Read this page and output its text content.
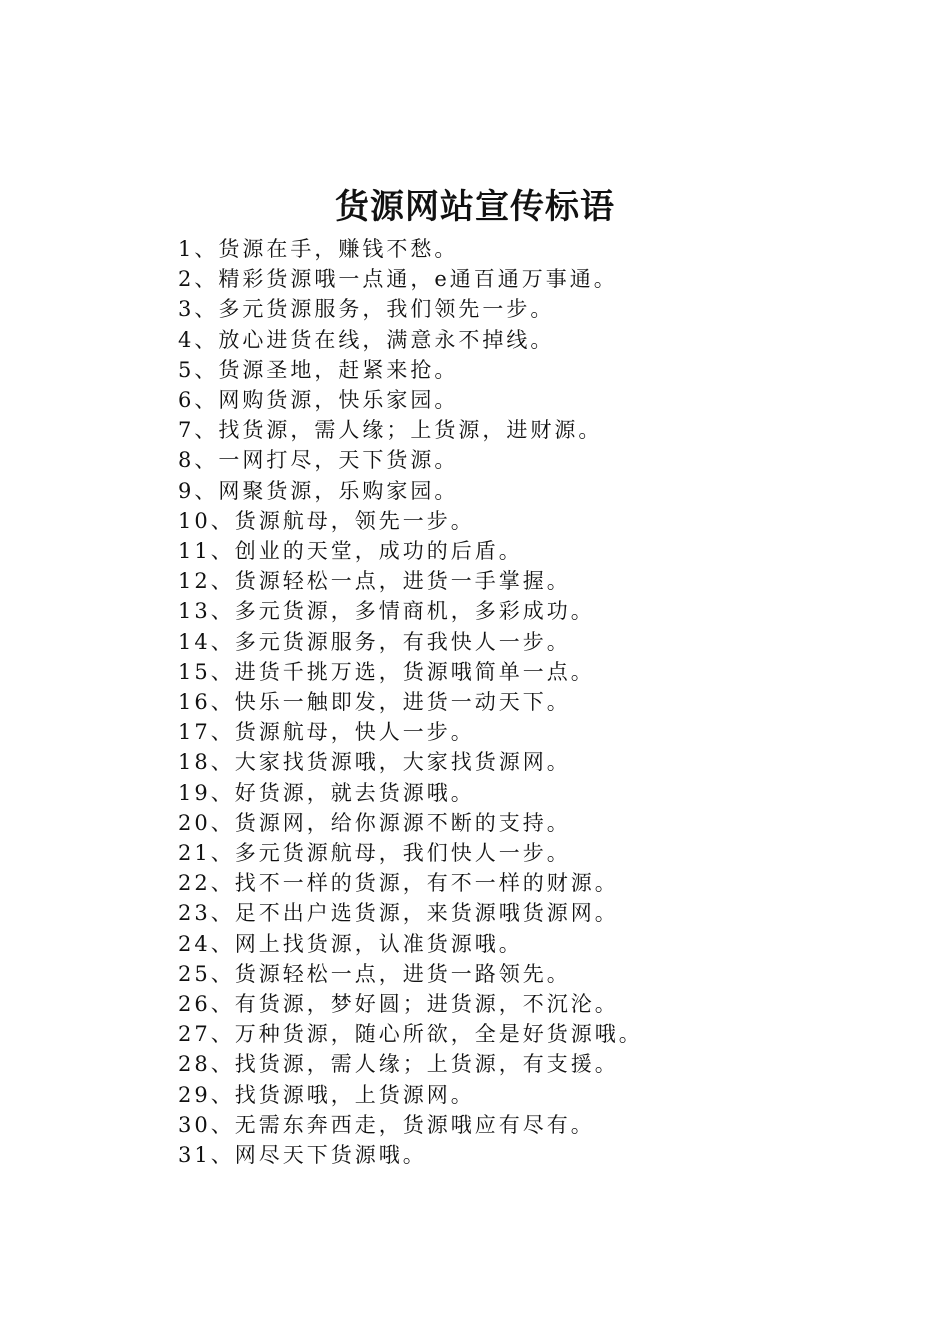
货源网站宣传标语
1、货源在手，赚钱不愁。
2、精彩货源哦一点通，e通百通万事通。
3、多元货源服务，我们领先一步。
4、放心进货在线，满意永不掉线。
5、货源圣地，赶紧来抢。
6、网购货源，快乐家园。
7、找货源，需人缘；上货源，进财源。
8、一网打尽，天下货源。
9、网聚货源，乐购家园。
10、货源航母，领先一步。
11、创业的天堂，成功的后盾。
12、货源轻松一点，进货一手掌握。
13、多元货源，多情商机，多彩成功。
14、多元货源服务，有我快人一步。
15、进货千挑万选，货源哦简单一点。
16、快乐一触即发，进货一动天下。
17、货源航母，快人一步。
18、大家找货源哦，大家找货源网。
19、好货源，就去货源哦。
20、货源网，给你源源不断的支持。
21、多元货源航母，我们快人一步。
22、找不一样的货源，有不一样的财源。
23、足不出户选货源，来货源哦货源网。
24、网上找货源，认准货源哦。
25、货源轻松一点，进货一路领先。
26、有货源，梦好圆；进货源，不沉沦。
27、万种货源，随心所欲，全是好货源哦。
28、找货源，需人缘；上货源，有支援。
29、找货源哦，上货源网。
30、无需东奔西走，货源哦应有尽有。
31、网尽天下货源哦。
